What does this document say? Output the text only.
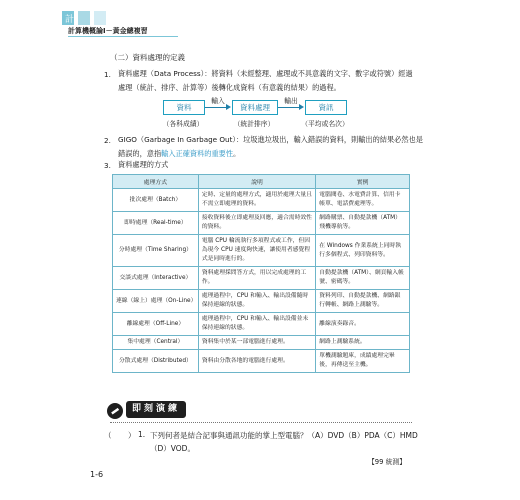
計
計算機概論Ⅰ－黃金總複習
（二）資料處理的定義
1. 資料處理（Data Process）：將資料（未經整理、處理或不具意義的文字、數字或符號）經過
處理（統計、排序、計算等）後轉化成資料（有意義的結果）的過程。
資料
輸入
資料處理
輸出
資訊
（各科成績）	（統計排序）	（平均或名次）
2. GIGO（Garbage In Garbage Out）：垃圾進垃圾出，輸入錯誤的資料，則輸出的結果必然也是
錯誤的，意指輸入正確資料的重要性。
3. 資料處理的方式
處理方式	說明	實例
批次處理（Batch）	定時、定量的處理方式，適用於處理大量且不需立即處理的資料。	電腦閱卷、水電費計算、信用卡帳單、電話費處理等。
即時處理（Real-time）	接收資料後立即處理及回應，適合需時效性的資料。	網路購票、自動提款機（ATM）飛機導航等。
分時處理（Time Sharing）	電腦 CPU 輪流執行多項程式或工作，但因為現今 CPU 速度夠快速，讓使用者感覺程式是同時進行的。	在 Windows 作業系統上同時執行多個程式、列印資料等。
交談式處理（Interactive）	資料處理採問答方式，用以完成處理的工作。	自動提款機（ATM）、網頁輸入帳號、密碼等。
連線（線上）處理（On-Line）	處理過程中，CPU 和輸入、輸出設備隨時保持連線的狀態。	資料列印、自動提款機、網路銀行轉帳、網路上測驗等。
離線處理（Off-Line）	處理過程中，CPU 和輸入、輸出設備並未保持連線的狀態。	離線演奏錄音。
集中處理（Central）	資料集中於某一部電腦進行處理。	網路上測驗系統。
分散式處理（Distributed）	資料由分散各地的電腦進行處理。	單機測驗題庫，成績處理完畢後，再傳送至主機。
即刻演練
（ ） 1. 下列何者是結合記事與通訊功能的掌上型電腦？（A）DVD（B）PDA（C）HMD
（D）VOD。
【99 統測】
1-6
